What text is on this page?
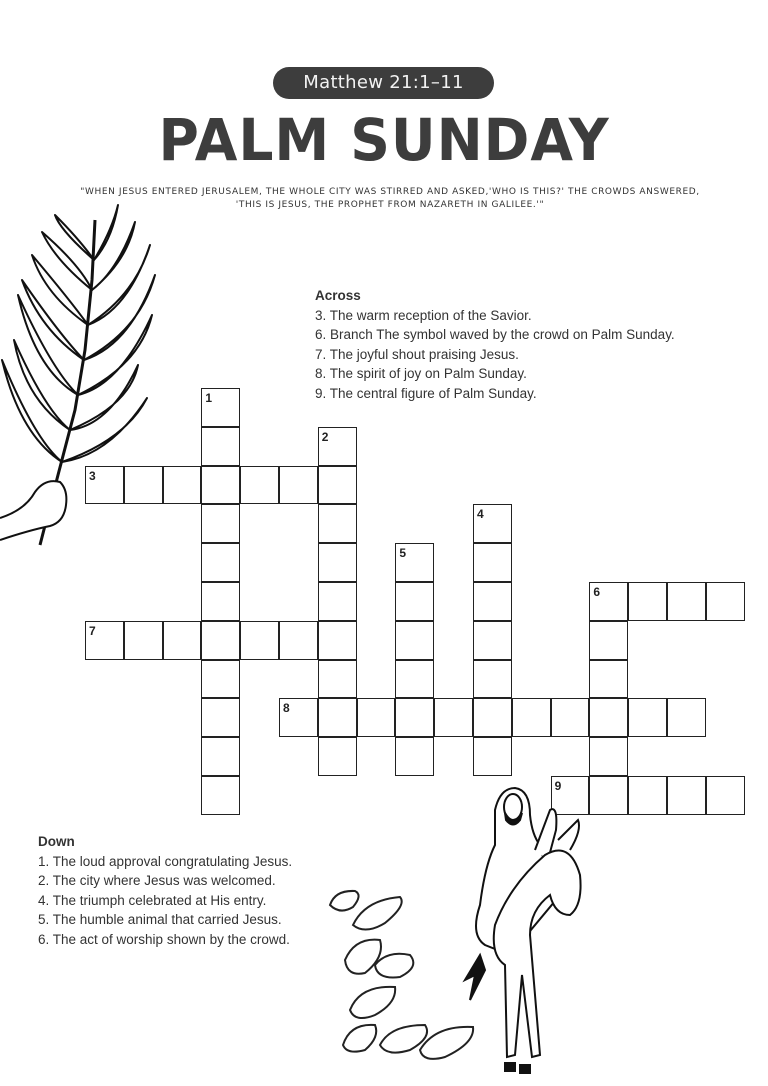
Matthew 21:1–11
PALM SUNDAY
"WHEN JESUS ENTERED JERUSALEM, THE WHOLE CITY WAS STIRRED AND ASKED,'WHO IS THIS?' THE CROWDS ANSWERED, 'THIS IS JESUS, THE PROPHET FROM NAZARETH IN GALILEE.'"
Across
3. The warm reception of the Savior.
6. Branch The symbol waved by the crowd on Palm Sunday.
7. The joyful shout praising Jesus.
8. The spirit of joy on Palm Sunday.
9. The central figure of Palm Sunday.
1
2
3
4
5
6
7
8
9
Down
1. The loud approval congratulating Jesus.
2. The city where Jesus was welcomed.
4. The triumph celebrated at His entry.
5. The humble animal that carried Jesus.
6. The act of worship shown by the crowd.
